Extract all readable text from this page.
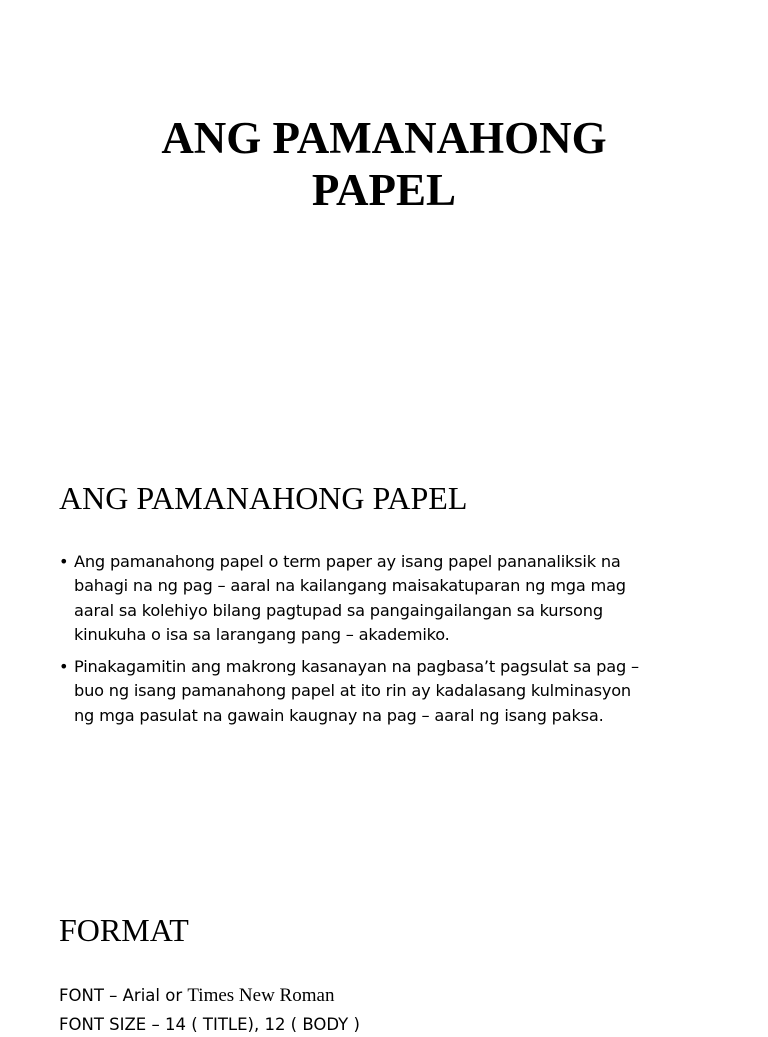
ANG PAMANAHONG
PAPEL
ANG PAMANAHONG PAPEL
• Ang pamanahong papel o term paper ay isang papel pananaliksik na
bahagi na ng pag – aaral na kailangang maisakatuparan ng mga mag
aaral sa kolehiyo bilang pagtupad sa pangaingailangan sa kursong
kinukuha o isa sa larangang pang – akademiko.
• Pinakagamitin ang makrong kasanayan na pagbasa’t pagsulat sa pag –
buo ng isang pamanahong papel at ito rin ay kadalasang kulminasyon
ng mga pasulat na gawain kaugnay na pag – aaral ng isang paksa.
FORMAT

FONT – Arial or Times New Roman

FONT SIZE – 14 ( TITLE), 12 ( BODY )
